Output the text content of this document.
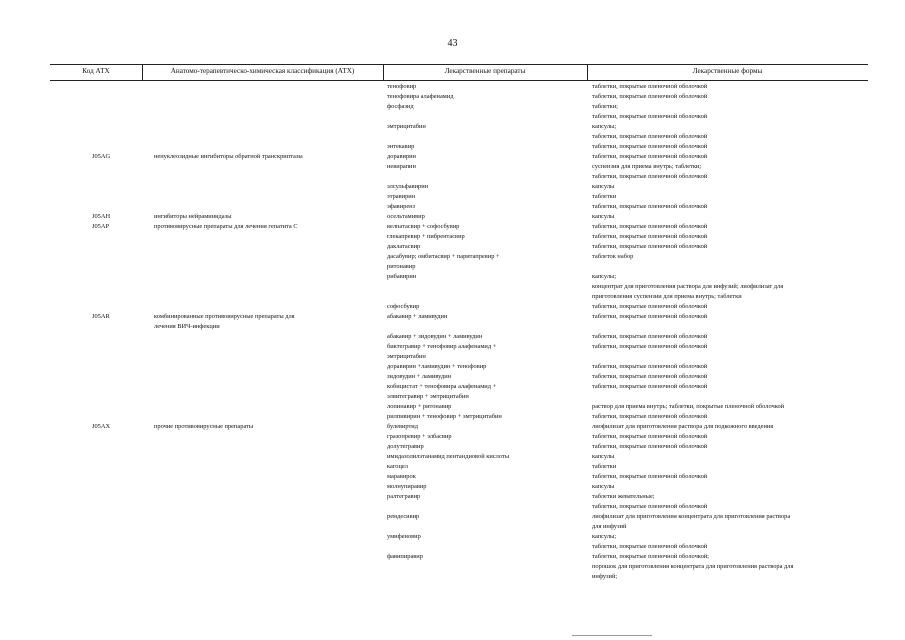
43
Код АТХ	Анатомо-терапевтическо-химическая классификация (АТХ)	Лекарственные препараты	Лекарственные формы
тенофовир	таблетки, покрытые пленочной оболочкой
тенофовира алафенамид	таблетки, покрытые пленочной оболочкой
фосфазид	таблетки;
таблетки, покрытые пленочной оболочкой
эмтрицитабин	капсулы;
таблетки, покрытые пленочной оболочкой
энтекавир	таблетки, покрытые пленочной оболочкой
J05AG	ненуклеозидные ингибиторы обратной транскриптазы	доравирин	таблетки, покрытые пленочной оболочкой
невирапин	суспензия для приема внутрь; таблетки;
таблетки, покрытые пленочной оболочкой
элсульфавирин	капсулы
этравирин	таблетки
эфавиренз	таблетки, покрытые пленочной оболочкой
J05AH	ингибиторы нейраминидазы	осельтамивир	капсулы
J05AP	противовирусные препараты для лечения гепатита С	велпатасвир + софосбувир	таблетки, покрытые пленочной оболочкой
глекапревир + пибрентасвир	таблетки, покрытые пленочной оболочкой
даклатасвир	таблетки, покрытые пленочной оболочкой
дасабувир; омбитасвир + паритапревир +	таблеток набор
ритонавир
рибавирин	капсулы;
концентрат для приготовления раствора для инфузий; лиофилизат для
приготовления суспензии для приема внутрь; таблетки
софосбувир	таблетки, покрытые пленочной оболочкой
J05AR	комбинированные противовирусные препараты для	абакавир + ламивудин	таблетки, покрытые пленочной оболочкой
лечения ВИЧ-инфекции
абакавир + зидовудин + ламивудин	таблетки, покрытые пленочной оболочкой
биктегравир + тенофовир алафенамид +	таблетки, покрытые пленочной оболочкой
эмтрицитабин
доравирин +ламивудин + тенофовир	таблетки, покрытые пленочной оболочкой
зидовудин + ламивудин	таблетки, покрытые пленочной оболочкой
кобицистат + тенофовира алафенамид +	таблетки, покрытые пленочной оболочкой
элвитегравир + эмтрицитабин
лопинавир + ритонавир	раствор для приема внутрь; таблетки, покрытые пленочной оболочкой
рилпивирин + тенофовир + эмтрицитабин	таблетки, покрытые пленочной оболочкой
J05AX	прочие противовирусные препараты	булевиртид	лиофилизат для приготовления раствора для подкожного введения
гразопревир + элбасвир	таблетки, покрытые пленочной оболочкой
долутегравир	таблетки, покрытые пленочной оболочкой
имидазолилэтанамид пентандиовой кислоты	капсулы
кагоцел	таблетки
маравирок	таблетки, покрытые пленочной оболочкой
молнупиравир	капсулы
ралтегравир	таблетки жевательные;
таблетки, покрытые пленочной оболочкой
ремдесивир	лиофилизат для приготовления концентрата для приготовления раствора
для инфузий
умифеновир	капсулы;
таблетки, покрытые пленочной оболочкой
фавипиравир	таблетки, покрытые пленочной оболочкой;
порошок для приготовления концентрата для приготовления раствора для
инфузий;
